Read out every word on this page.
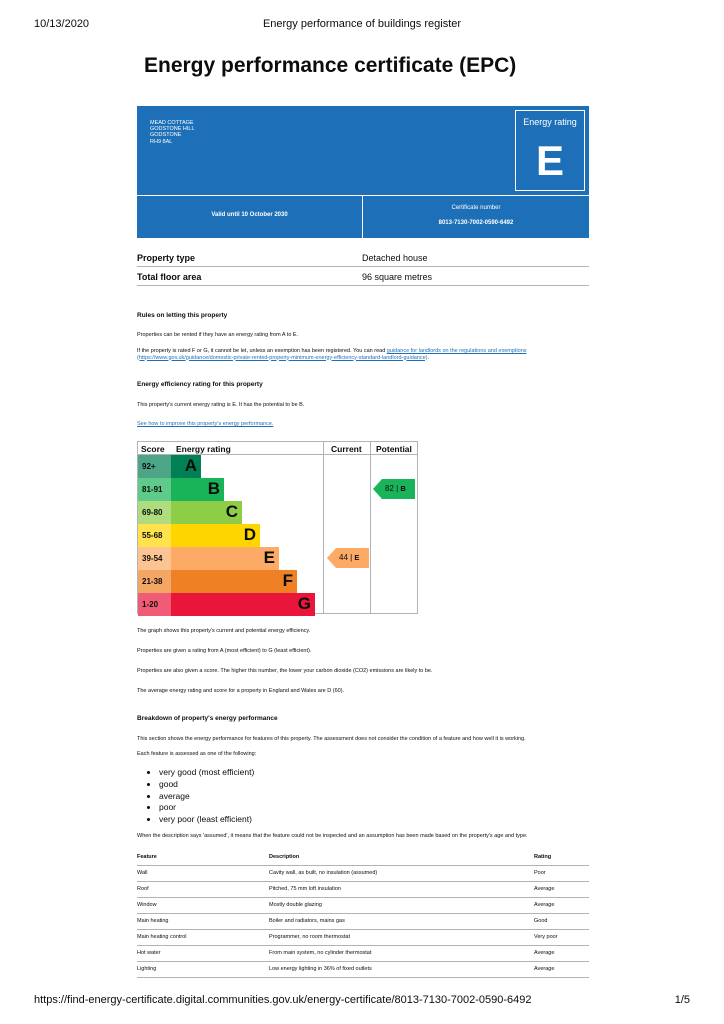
10/13/2020	Energy performance of buildings register
Energy performance certificate (EPC)
MEAD COTTAGE
GODSTONE HILL
GODSTONE
RH9 8AL
Energy rating
E
Valid until 10 October 2030
Certificate number
8013-7130-7002-0590-6492
Property type	Detached house
Total floor area	96 square metres
Rules on letting this property
Properties can be rented if they have an energy rating from A to E.
If the property is rated F or G, it cannot be let, unless an exemption has been registered. You can read guidance for landlords on the regulations and exemptions (https://www.gov.uk/guidance/domestic-private-rented-property-minimum-energy-efficiency-standard-landlord-guidance).
Energy efficiency rating for this property
This property's current energy rating is E. It has the potential to be B.
See how to improve this property's energy performance.
Score Energy rating	Current Potential
92+	A
81-91	B
69-80	C
55-68	D
39-54	E
21-38	F
1-20	G
44 | E
82 | B
The graph shows this property's current and potential energy efficiency.
Properties are given a rating from A (most efficient) to G (least efficient).
Properties are also given a score. The higher this number, the lower your carbon dioxide (CO2) emissions are likely to be.
The average energy rating and score for a property in England and Wales are D (60).
Breakdown of property's energy performance
This section shows the energy performance for features of this property. The assessment does not consider the condition of a feature and how well it is working.
Each feature is assessed as one of the following:
• very good (most efficient)
• good
• average
• poor
• very poor (least efficient)
When the description says 'assumed', it means that the feature could not be inspected and an assumption has been made based on the property's age and type.
Feature	Description	Rating
Wall	Cavity wall, as built, no insulation (assumed)	Poor
Roof	Pitched, 75 mm loft insulation	Average
Window	Mostly double glazing	Average
Main heating	Boiler and radiators, mains gas	Good
Main heating control	Programmer, no room thermostat	Very poor
Hot water	From main system, no cylinder thermostat	Average
Lighting	Low energy lighting in 36% of fixed outlets	Average
https://find-energy-certificate.digital.communities.gov.uk/energy-certificate/8013-7130-7002-0590-6492	1/5
